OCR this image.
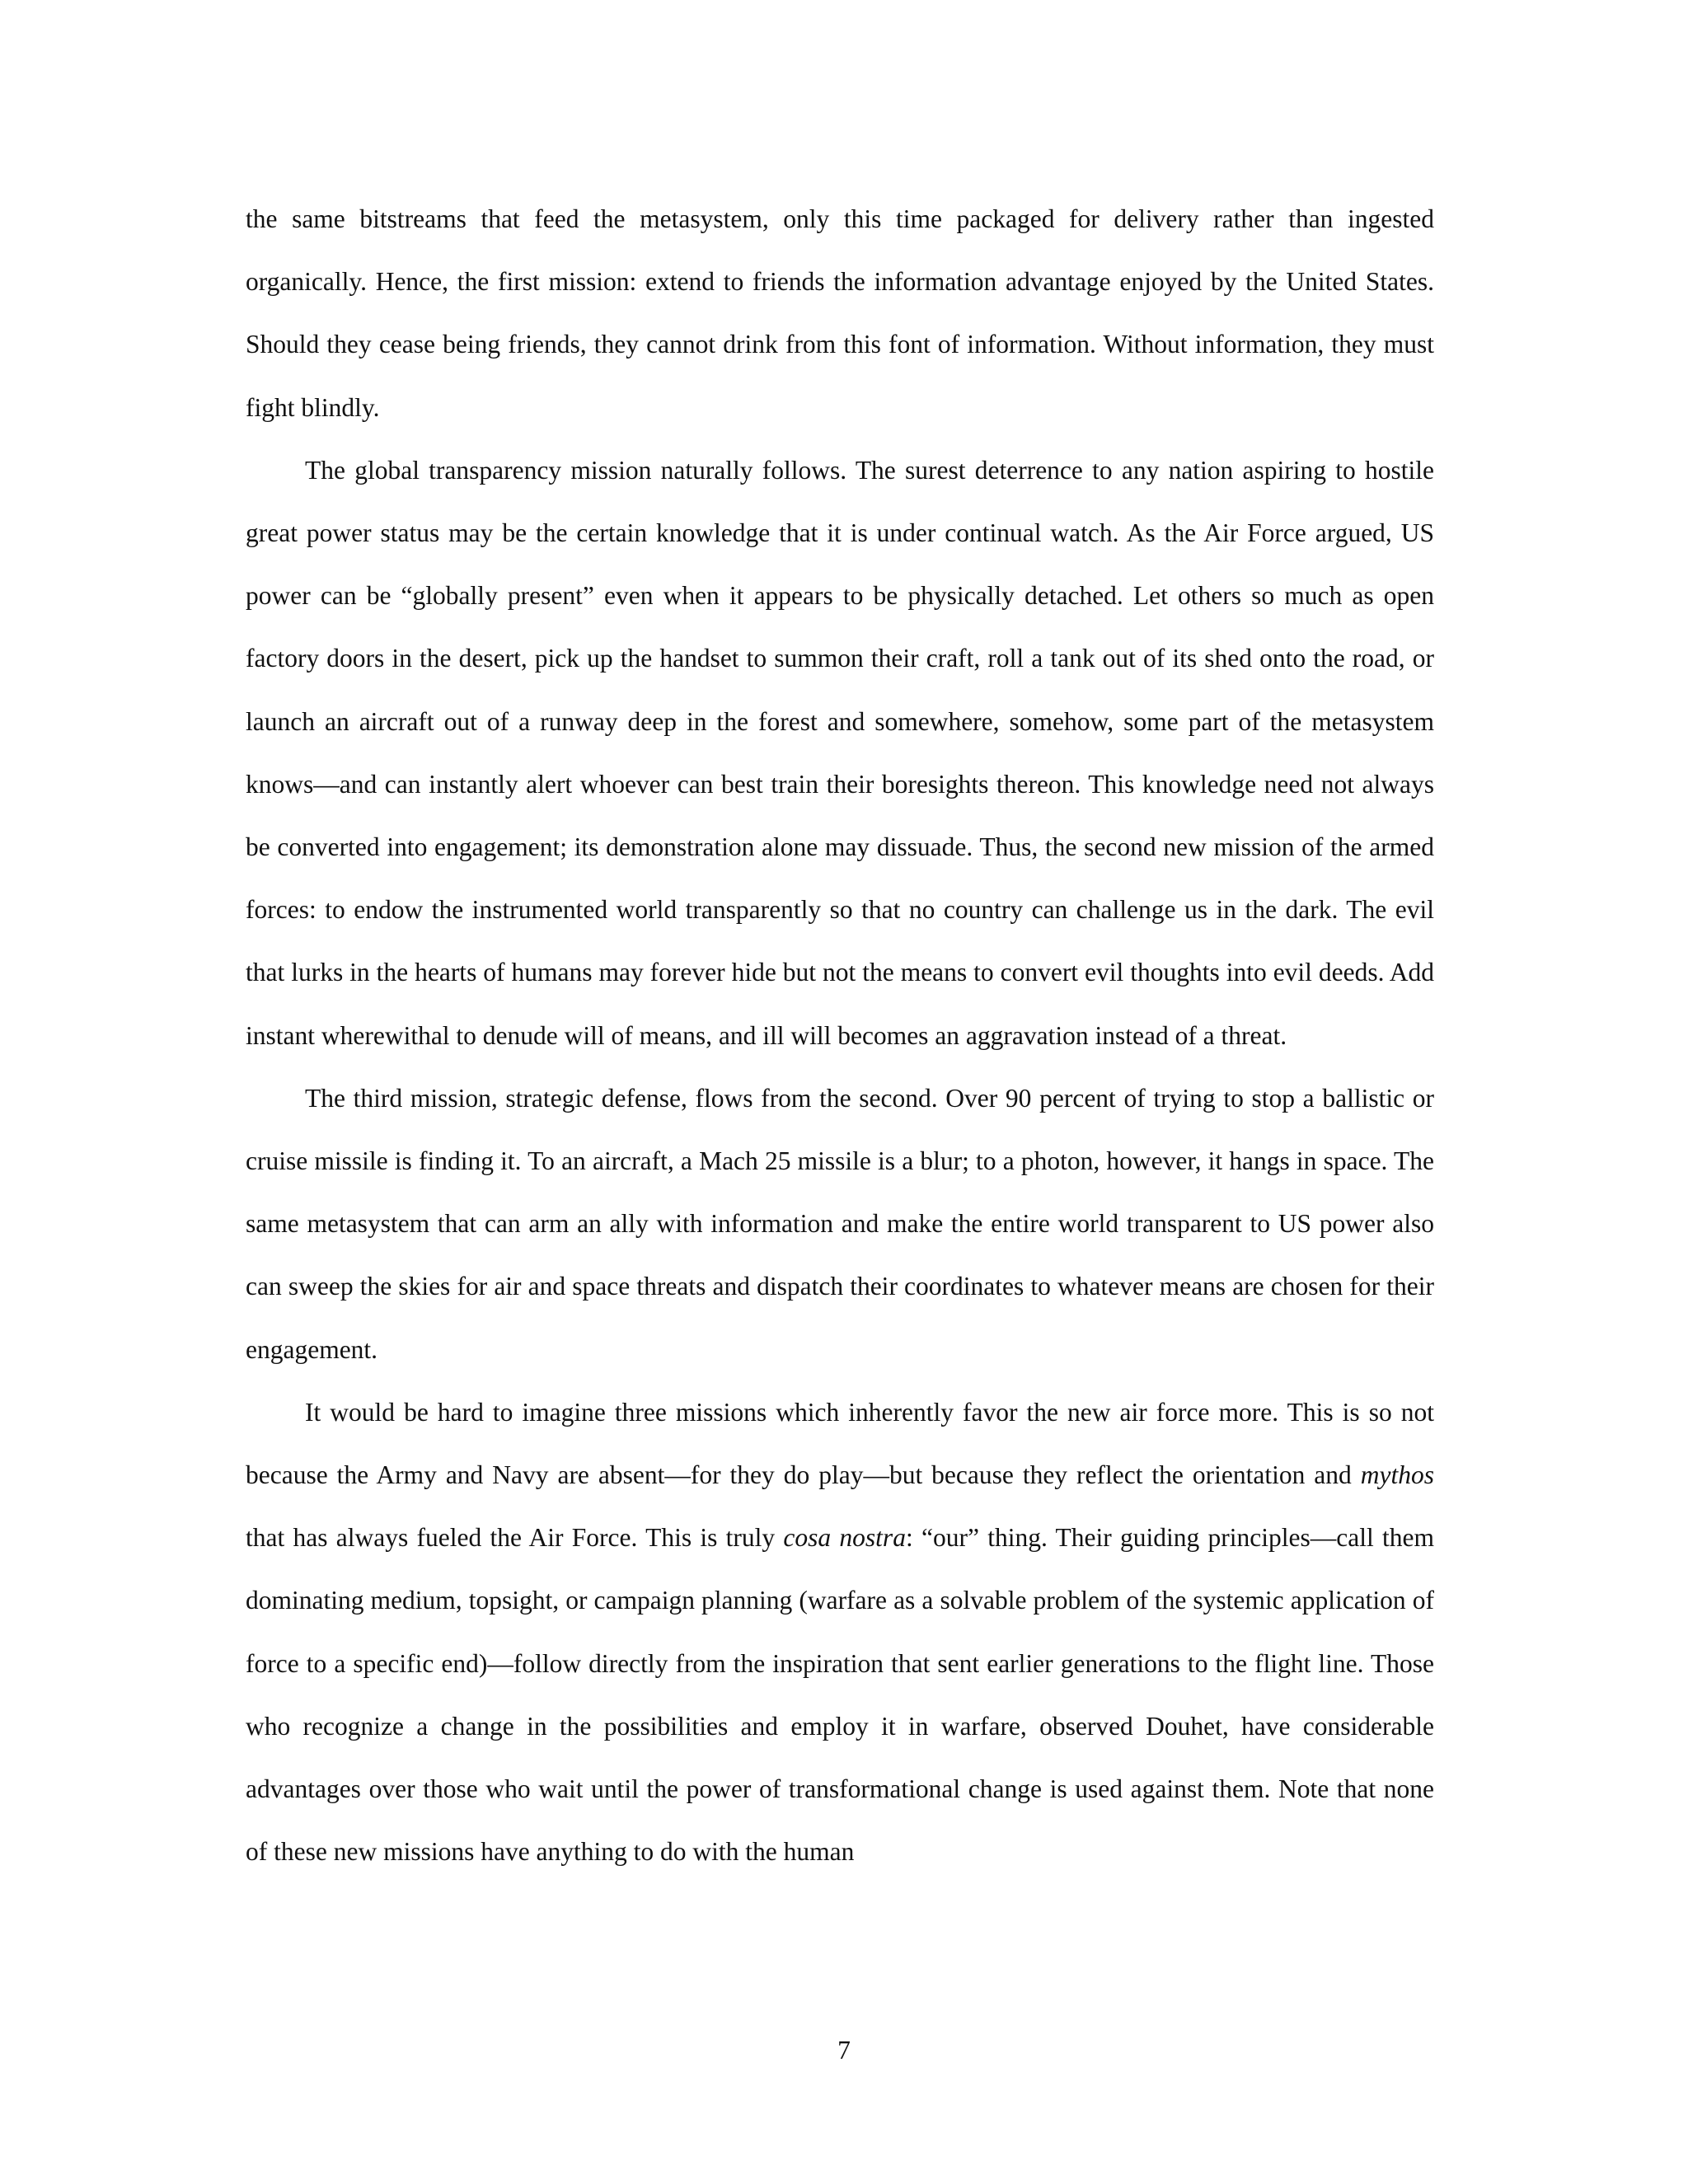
the same bitstreams that feed the metasystem, only this time packaged for delivery rather than ingested organically. Hence, the first mission: extend to friends the information advantage enjoyed by the United States. Should they cease being friends, they cannot drink from this font of information. Without information, they must fight blindly.

The global transparency mission naturally follows. The surest deterrence to any nation aspiring to hostile great power status may be the certain knowledge that it is under continual watch. As the Air Force argued, US power can be “globally present” even when it appears to be physically detached. Let others so much as open factory doors in the desert, pick up the handset to summon their craft, roll a tank out of its shed onto the road, or launch an aircraft out of a runway deep in the forest and somewhere, somehow, some part of the metasystem knows—and can instantly alert whoever can best train their boresights thereon. This knowledge need not always be converted into engagement; its demonstration alone may dissuade. Thus, the second new mission of the armed forces: to endow the instrumented world transparently so that no country can challenge us in the dark. The evil that lurks in the hearts of humans may forever hide but not the means to convert evil thoughts into evil deeds. Add instant wherewithal to denude will of means, and ill will becomes an aggravation instead of a threat.

The third mission, strategic defense, flows from the second. Over 90 percent of trying to stop a ballistic or cruise missile is finding it. To an aircraft, a Mach 25 missile is a blur; to a photon, however, it hangs in space. The same metasystem that can arm an ally with information and make the entire world transparent to US power also can sweep the skies for air and space threats and dispatch their coordinates to whatever means are chosen for their engagement.

It would be hard to imagine three missions which inherently favor the new air force more. This is so not because the Army and Navy are absent—for they do play—but because they reflect the orientation and mythos that has always fueled the Air Force. This is truly cosa nostra: “our” thing. Their guiding principles—call them dominating medium, topsight, or campaign planning (warfare as a solvable problem of the systemic application of force to a specific end)—follow directly from the inspiration that sent earlier generations to the flight line. Those who recognize a change in the possibilities and employ it in warfare, observed Douhet, have considerable advantages over those who wait until the power of transformational change is used against them. Note that none of these new missions have anything to do with the human

7
